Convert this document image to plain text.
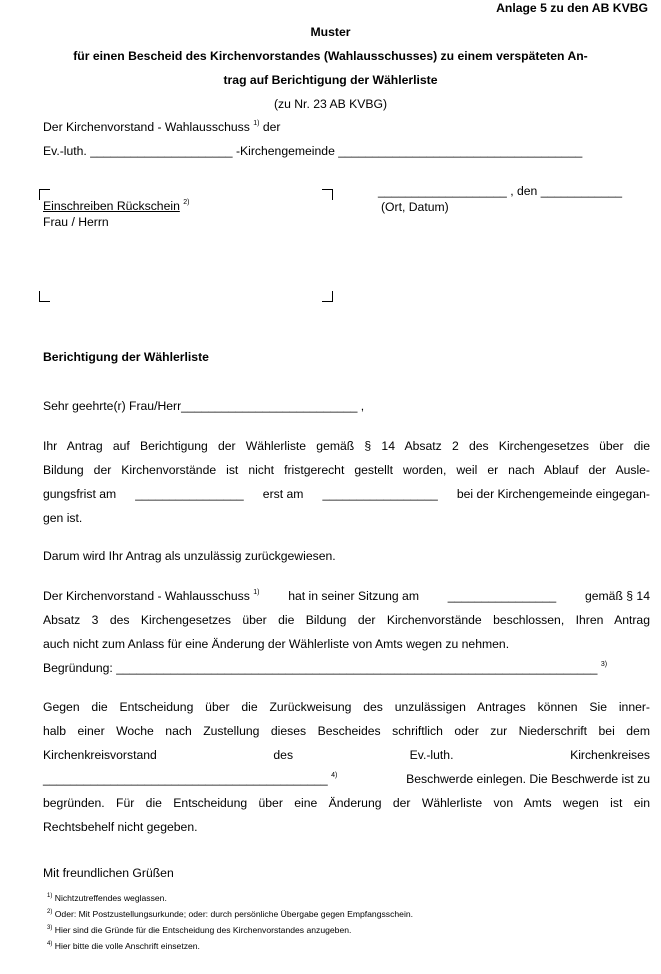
Anlage 5 zu den AB KVBG
Muster
für einen Bescheid des Kirchenvorstandes (Wahlausschusses) zu einem verspäteten An-
trag auf Berichtigung der Wählerliste
(zu Nr. 23 AB KVBG)
Der Kirchenvorstand - Wahlausschuss $^{1)}$ der
Ev.-luth. _____________________ -Kirchengemeinde ____________________________________
Einschreiben Rückschein $^{2)}$
Frau / Herrn
___________________ , den ____________
(Ort, Datum)
Berichtigung der Wählerliste
Sehr geehrte(r) Frau/Herr__________________________ ,
Ihr Antrag auf Berichtigung der Wählerliste gemäß § 14 Absatz 2 des Kirchengesetzes über die
Bildung der Kirchenvorstände ist nicht fristgerecht gestellt worden, weil er nach Ablauf der Ausle-
gungsfrist am ________________ erst am _________________ bei der Kirchengemeinde eingegan-
gen ist.
Darum wird Ihr Antrag als unzulässig zurückgewiesen.
Der Kirchenvorstand - Wahlausschuss $^{1)}$ hat in seiner Sitzung am ________________ gemäß § 14
Absatz 3 des Kirchengesetzes über die Bildung der Kirchenvorstände beschlossen, Ihren Antrag
auch nicht zum Anlass für eine Änderung der Wählerliste von Amts wegen zu nehmen.
Begründung: _______________________________________________________________________ $^{3)}$
Gegen die Entscheidung über die Zurückweisung des unzulässigen Antrages können Sie inner-
halb einer Woche nach Zustellung dieses Bescheides schriftlich oder zur Niederschrift bei dem
Kirchenkreisvorstand	des	Ev.-luth.	Kirchenkreises
__________________________________________ $^{4)}$	Beschwerde einlegen. Die Beschwerde ist zu
begründen. Für die Entscheidung über eine Änderung der Wählerliste von Amts wegen ist ein
Rechtsbehelf nicht gegeben.
Mit freundlichen Grüßen
$^{1)}$ Nichtzutreffendes weglassen.
$^{2)}$ Oder: Mit Postzustellungsurkunde; oder: durch persönliche Übergabe gegen Empfangsschein.
$^{3)}$ Hier sind die Gründe für die Entscheidung des Kirchenvorstandes anzugeben.
$^{4)}$ Hier bitte die volle Anschrift einsetzen.
